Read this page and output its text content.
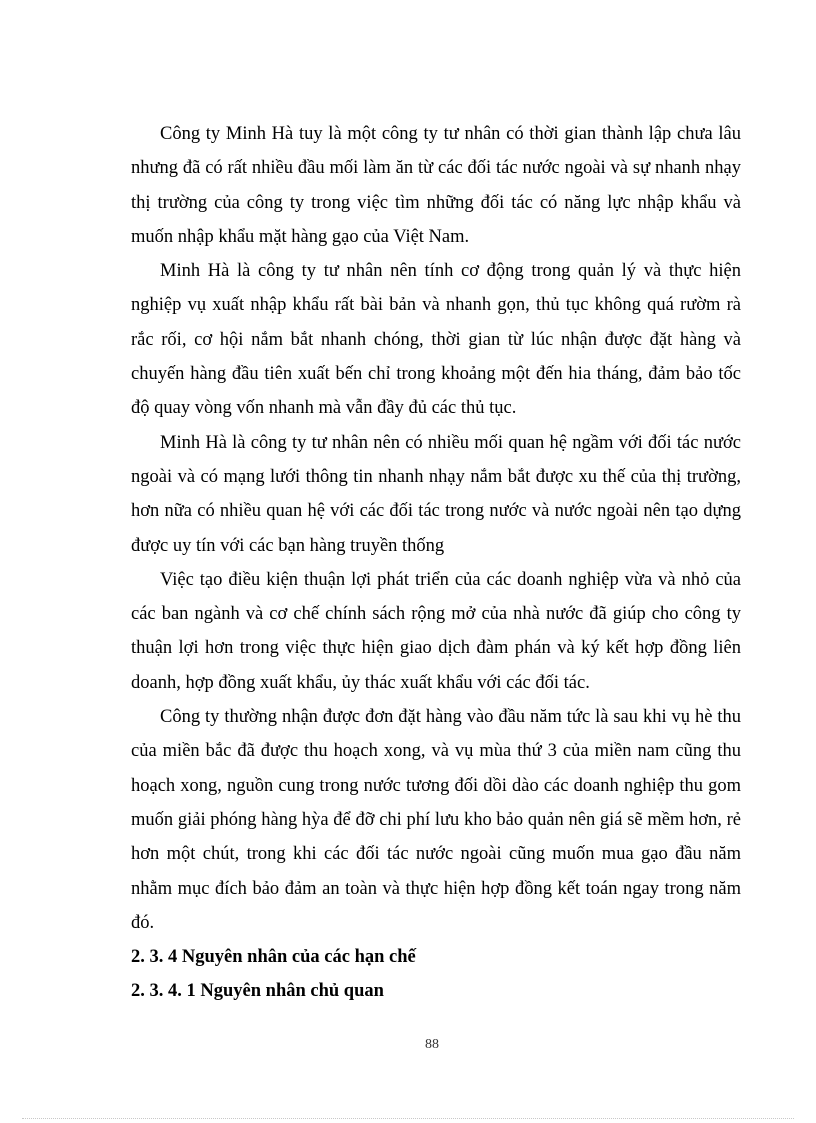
Công ty Minh Hà tuy là một công ty tư nhân có thời gian thành lập chưa lâu nhưng đã có rất nhiều đầu mối làm ăn từ các đối tác nước ngoài và sự nhanh nhạy thị trường của công ty trong việc tìm những đối tác có năng lực nhập khẩu và muốn nhập khẩu mặt hàng gạo của Việt Nam.

Minh Hà là công ty tư nhân nên tính cơ động trong quản lý và thực hiện nghiệp vụ xuất nhập khẩu rất bài bản và nhanh gọn, thủ tục không quá rườm rà rắc rối, cơ hội nắm bắt nhanh chóng, thời gian từ lúc nhận được đặt hàng và chuyến hàng đầu tiên xuất bến chỉ trong khoảng một đến hia tháng, đảm bảo tốc độ quay vòng vốn nhanh mà vẫn đầy đủ các thủ tục.

Minh Hà là công ty tư nhân nên có nhiều mối quan hệ ngầm với đối tác nước ngoài và có mạng lưới thông tin nhanh nhạy nắm bắt được xu thế của thị trường, hơn nữa có nhiều quan hệ với các đối tác trong nước và nước ngoài nên tạo dựng được uy tín với các bạn hàng truyền thống

Việc tạo điều kiện thuận lợi phát triển của các doanh nghiệp vừa và nhỏ của các ban ngành và cơ chế chính sách rộng mở của nhà nước đã giúp cho công ty thuận lợi hơn trong việc thực hiện giao dịch đàm phán và ký kết hợp đồng liên doanh, hợp đồng xuất khẩu, ủy thác xuất khẩu với các đối tác.

Công ty thường nhận được đơn đặt hàng vào đầu năm tức là sau khi vụ hè thu của miền bắc đã được thu hoạch xong, và vụ mùa thứ 3 của miền nam cũng thu hoạch xong, nguồn cung trong nước tương đối dồi dào các doanh nghiệp thu gom muốn giải phóng hàng hỳa để đỡ chi phí lưu kho bảo quản nên giá sẽ mềm hơn, rẻ hơn một chút, trong khi các đối tác nước ngoài cũng muốn mua gạo đầu năm nhằm mục đích bảo đảm an toàn và thực hiện hợp đồng kết toán ngay trong năm đó.

2. 3. 4 Nguyên nhân của các hạn chế
2. 3. 4. 1 Nguyên nhân chủ quan
88
